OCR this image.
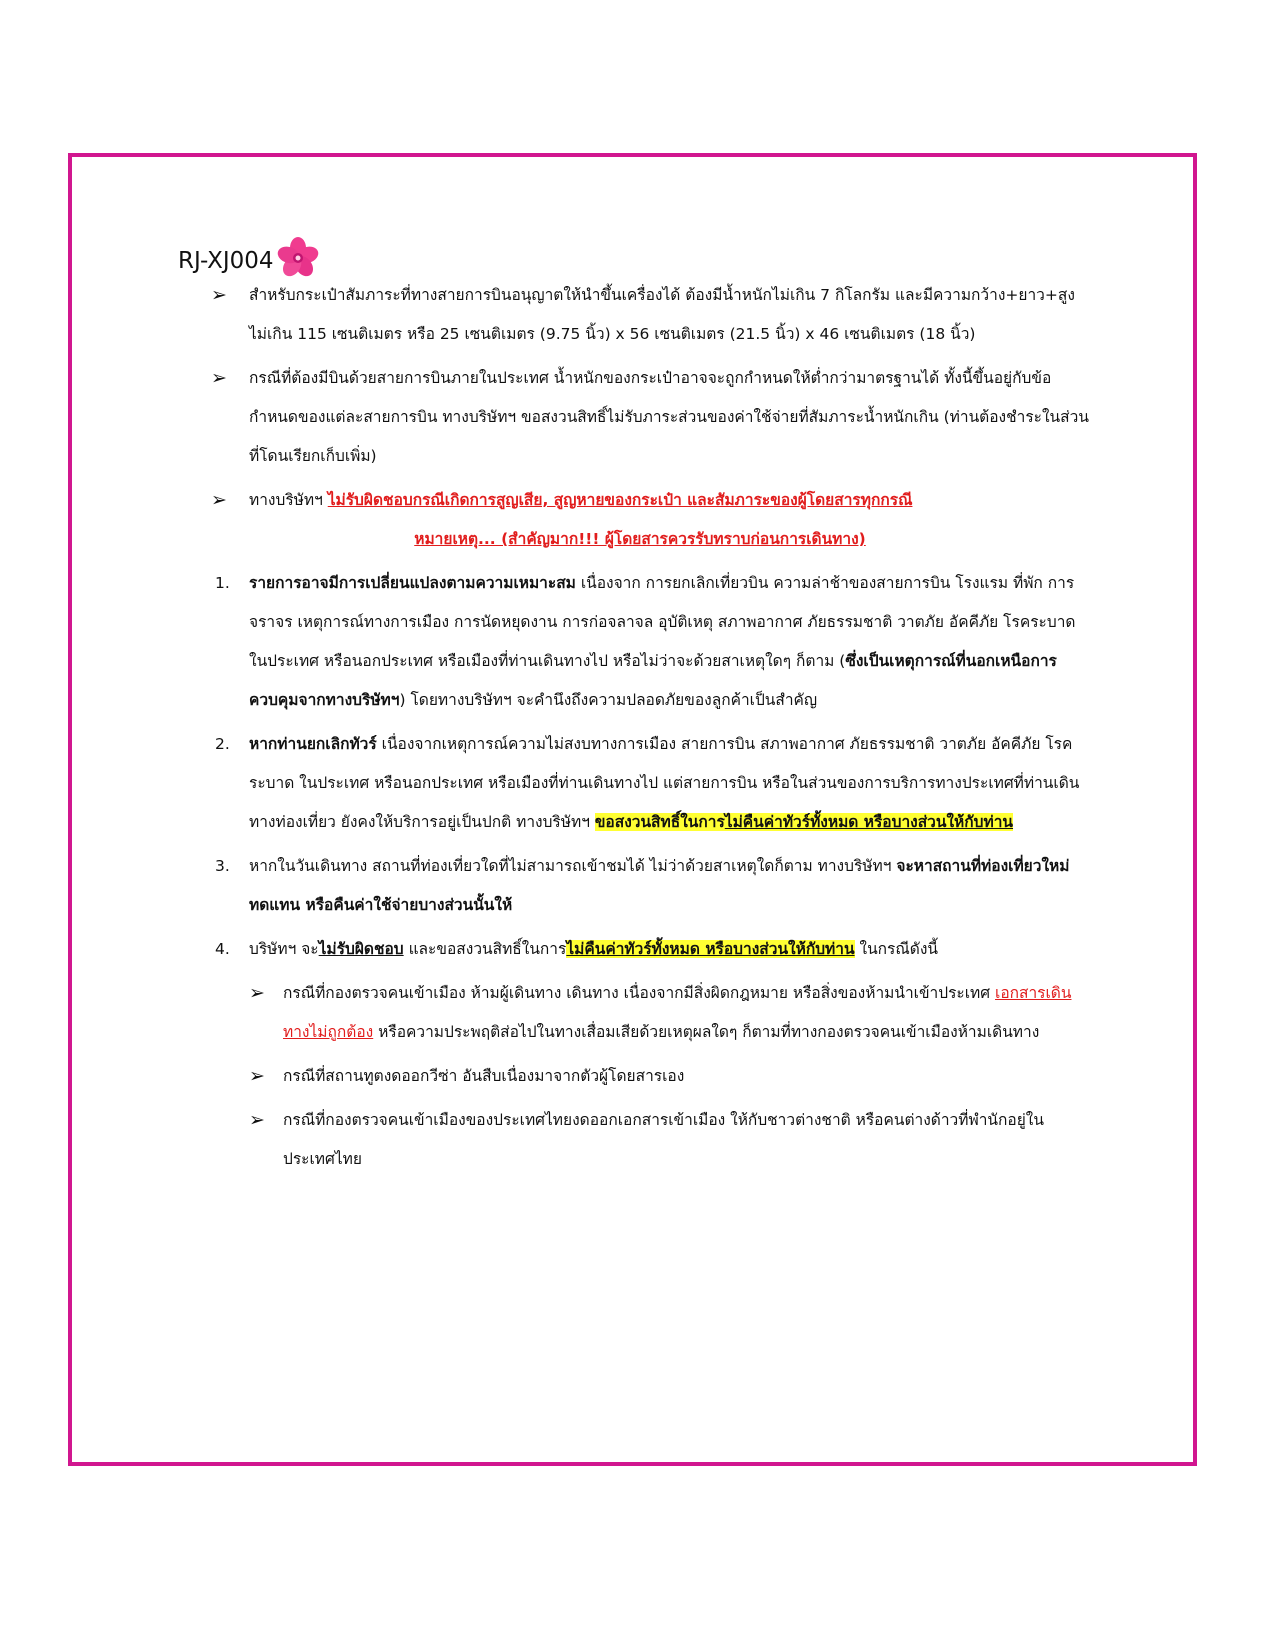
RJ-XJ004
➢ สำหรับกระเป๋าสัมภาระที่ทางสายการบินอนุญาตให้นำขึ้นเครื่องได้ ต้องมีน้ำหนักไม่เกิน 7 กิโลกรัม และมีความกว้าง+ยาว+สูง ไม่เกิน 115 เซนติเมตร หรือ 25 เซนติเมตร (9.75 นิ้ว) x 56 เซนติเมตร (21.5 นิ้ว) x 46 เซนติเมตร (18 นิ้ว)
➢ กรณีที่ต้องมีบินด้วยสายการบินภายในประเทศ น้ำหนักของกระเป๋าอาจจะถูกกำหนดให้ต่ำกว่ามาตรฐานได้ ทั้งนี้ขึ้นอยู่กับข้อกำหนดของแต่ละสายการบิน ทางบริษัทฯ ขอสงวนสิทธิ์ไม่รับภาระส่วนของค่าใช้จ่ายที่สัมภาระน้ำหนักเกิน (ท่านต้องชำระในส่วนที่โดนเรียกเก็บเพิ่ม)
➢ ทางบริษัทฯ ไม่รับผิดชอบกรณีเกิดการสูญเสีย, สูญหายของกระเป๋า และสัมภาระของผู้โดยสารทุกกรณี
หมายเหตุ... (สำคัญมาก!!! ผู้โดยสารควรรับทราบก่อนการเดินทาง)
1. รายการอาจมีการเปลี่ยนแปลงตามความเหมาะสม เนื่องจาก การยกเลิกเที่ยวบิน ความล่าช้าของสายการบิน โรงแรม ที่พัก การจราจร เหตุการณ์ทางการเมือง การนัดหยุดงาน การก่อจลาจล อุบัติเหตุ สภาพอากาศ ภัยธรรมชาติ วาตภัย อัคคีภัย โรคระบาด ในประเทศ หรือนอกประเทศ หรือเมืองที่ท่านเดินทางไป หรือไม่ว่าจะด้วยสาเหตุใดๆ ก็ตาม (ซึ่งเป็นเหตุการณ์ที่นอกเหนือการควบคุมจากทางบริษัทฯ) โดยทางบริษัทฯ จะคำนึงถึงความปลอดภัยของลูกค้าเป็นสำคัญ
2. หากท่านยกเลิกทัวร์ เนื่องจากเหตุการณ์ความไม่สงบทางการเมือง สายการบิน สภาพอากาศ ภัยธรรมชาติ วาตภัย อัคคีภัย โรคระบาด ในประเทศ หรือนอกประเทศ หรือเมืองที่ท่านเดินทางไป แต่สายการบิน หรือในส่วนของการบริการทางประเทศที่ท่านเดินทางท่องเที่ยว ยังคงให้บริการอยู่เป็นปกติ ทางบริษัทฯ ขอสงวนสิทธิ์ในการไม่คืนค่าทัวร์ทั้งหมด หรือบางส่วนให้กับท่าน
3. หากในวันเดินทาง สถานที่ท่องเที่ยวใดที่ไม่สามารถเข้าชมได้ ไม่ว่าด้วยสาเหตุใดก็ตาม ทางบริษัทฯ จะหาสถานที่ท่องเที่ยวใหม่ทดแทน หรือคืนค่าใช้จ่ายบางส่วนนั้นให้
4. บริษัทฯ จะไม่รับผิดชอบ และขอสงวนสิทธิ์ในการไม่คืนค่าทัวร์ทั้งหมด หรือบางส่วนให้กับท่าน ในกรณีดังนี้
➢ กรณีที่กองตรวจคนเข้าเมือง ห้ามผู้เดินทาง เดินทาง เนื่องจากมีสิ่งผิดกฎหมาย หรือสิ่งของห้ามนำเข้าประเทศ เอกสารเดินทางไม่ถูกต้อง หรือความประพฤติส่อไปในทางเสื่อมเสียด้วยเหตุผลใดๆ ก็ตามที่ทางกองตรวจคนเข้าเมืองห้ามเดินทาง
➢ กรณีที่สถานทูตงดออกวีซ่า อันสืบเนื่องมาจากตัวผู้โดยสารเอง
➢ กรณีที่กองตรวจคนเข้าเมืองของประเทศไทยงดออกเอกสารเข้าเมือง ให้กับชาวต่างชาติ หรือคนต่างด้าวที่พำนักอยู่ในประเทศไทย
